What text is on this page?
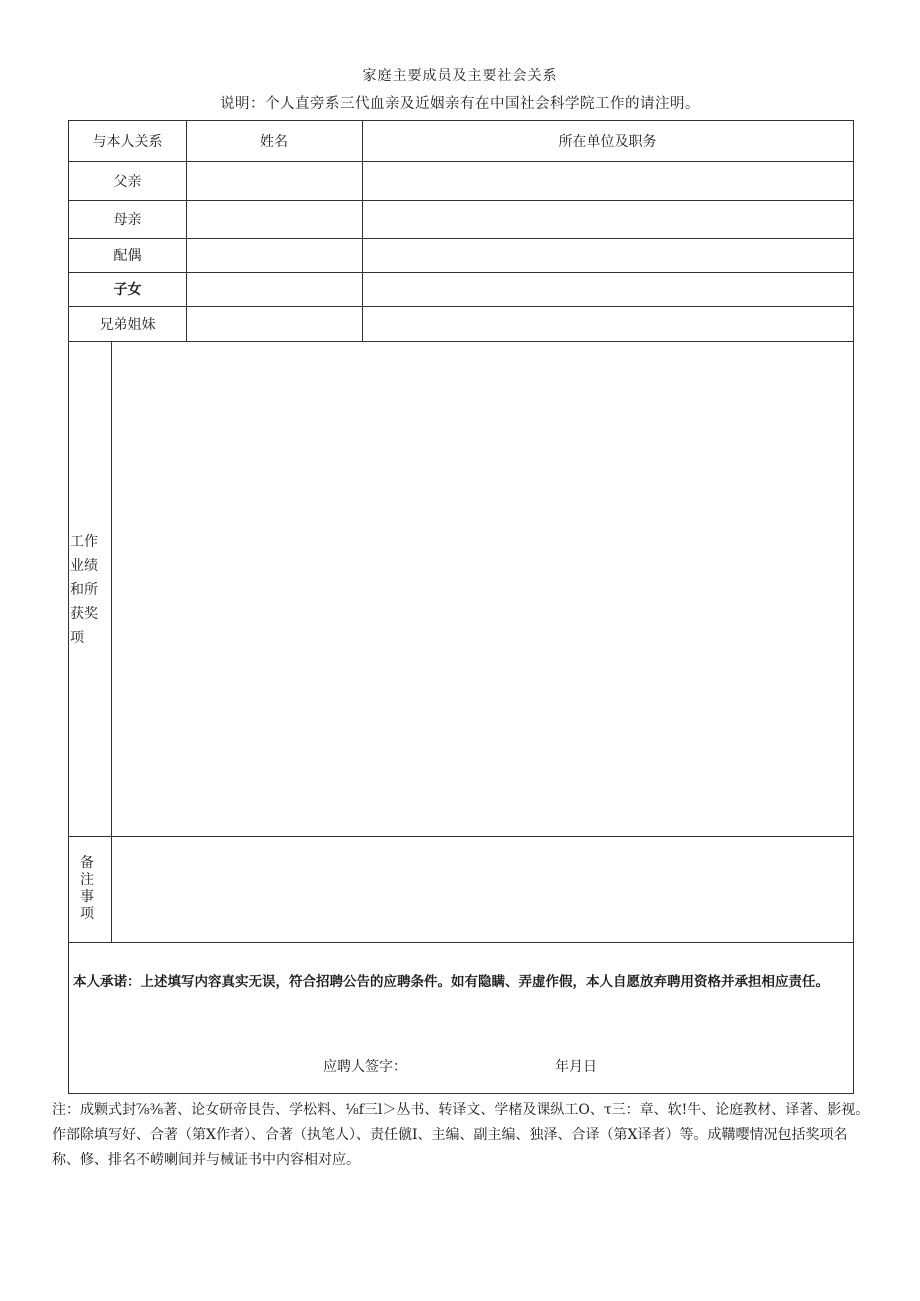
家庭主要成员及主要社会关系
说明：个人直旁系三代血亲及近姻亲有在中国社会科学院工作的请注明。
与本人关系	姓名	所在单位及职务
父亲
母亲
配偶
子女
兄弟姐妹
工作业绩和所获奖项
备注事项
本人承诺：上述填写内容真实无误，符合招聘公告的应聘条件。如有隐瞒、弄虚作假，本人自愿放弃聘用资格并承担相应责任。
应聘人签字：	年月日
注：成颗式封⅞⅜著、论女研帝艮告、学松料、⅛f三l＞丛书、转译文、学楮及课纵工O、τ三：章、软!牛、论庭教材、译著、影视。作部除填写好、合著（第X作者）、合著（执笔人）、责任僦I、主编、副主编、独泽、合译（第X译者）等。成鞲嘤情况包括奖项名称、修、排名不崂喇间并与械证书中内容相对应。
